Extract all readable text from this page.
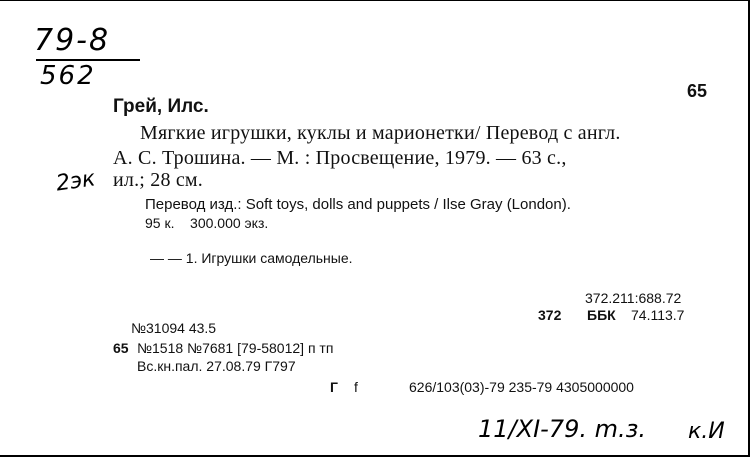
79-8
562	65
Грей, Илс.
Мягкие игрушки, куклы и марионетки/ Перевод с англ.
А. С. Трошина. — М. : Просвещение, 1979. — 63 с.,
ил.; 28 см.
2эк
Перевод изд.: Soft toys, dolls and puppets / Ilse Gray (London).
95 к.    300.000 экз.
— — 1. Игрушки самодельные.
372.211:688.72
372 ББК 74.113.7
№31094 43.5
65 №1518 №7681 [79-58012] п тп
Вс.кн.пал. 27.08.79 Г797
Г f	626/103(03)-79 235-79 4305000000
11/XI-79. m.з. к.И
